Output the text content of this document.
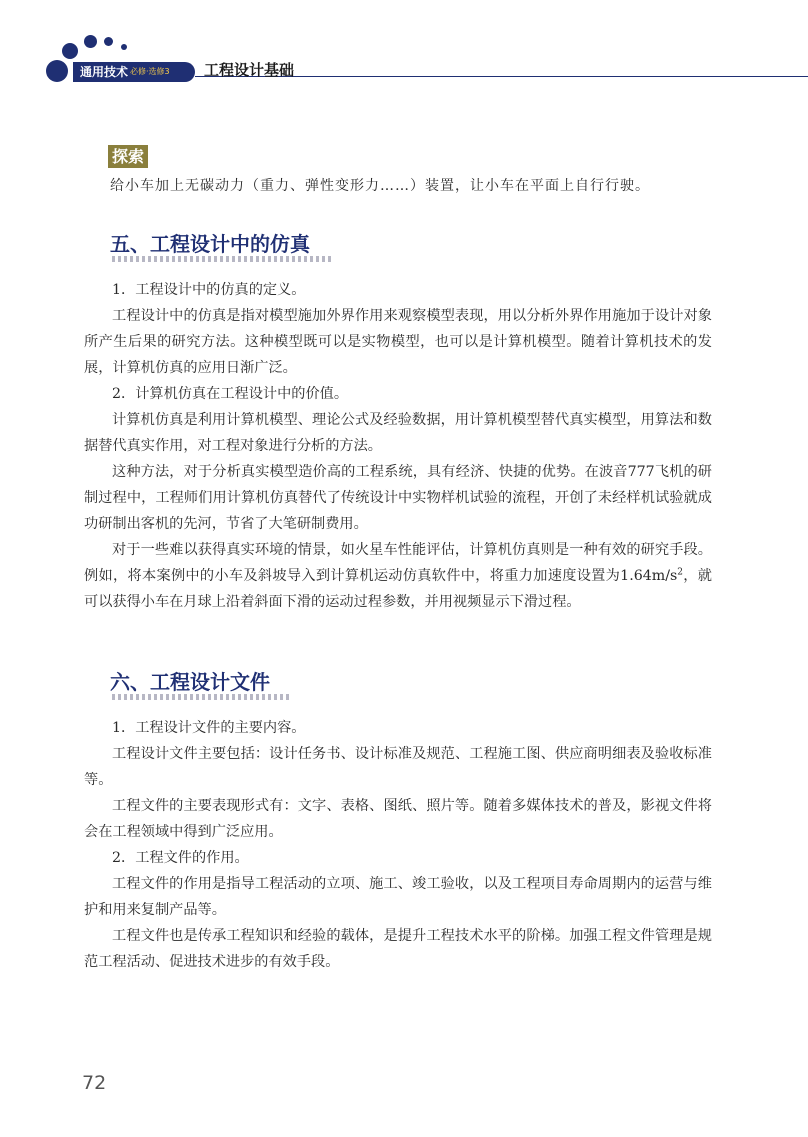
通用技术 必修·选修3 工程设计基础
探索
给小车加上无碳动力（重力、弹性变形力……）装置，让小车在平面上自行行驶。
五、工程设计中的仿真
1．工程设计中的仿真的定义。
工程设计中的仿真是指对模型施加外界作用来观察模型表现，用以分析外界作用施加于设计对象所产生后果的研究方法。这种模型既可以是实物模型，也可以是计算机模型。随着计算机技术的发展，计算机仿真的应用日渐广泛。
2．计算机仿真在工程设计中的价值。
计算机仿真是利用计算机模型、理论公式及经验数据，用计算机模型替代真实模型，用算法和数据替代真实作用，对工程对象进行分析的方法。
这种方法，对于分析真实模型造价高的工程系统，具有经济、快捷的优势。在波音777飞机的研制过程中，工程师们用计算机仿真替代了传统设计中实物样机试验的流程，开创了未经样机试验就成功研制出客机的先河，节省了大笔研制费用。
对于一些难以获得真实环境的情景，如火星车性能评估，计算机仿真则是一种有效的研究手段。例如，将本案例中的小车及斜坡导入到计算机运动仿真软件中，将重力加速度设置为$1.64m/s^2$，就可以获得小车在月球上沿着斜面下滑的运动过程参数，并用视频显示下滑过程。
六、工程设计文件
1．工程设计文件的主要内容。
工程设计文件主要包括：设计任务书、设计标准及规范、工程施工图、供应商明细表及验收标准等。
工程文件的主要表现形式有：文字、表格、图纸、照片等。随着多媒体技术的普及，影视文件将会在工程领域中得到广泛应用。
2．工程文件的作用。
工程文件的作用是指导工程活动的立项、施工、竣工验收，以及工程项目寿命周期内的运营与维护和用来复制产品等。
工程文件也是传承工程知识和经验的载体，是提升工程技术水平的阶梯。加强工程文件管理是规范工程活动、促进技术进步的有效手段。
72
